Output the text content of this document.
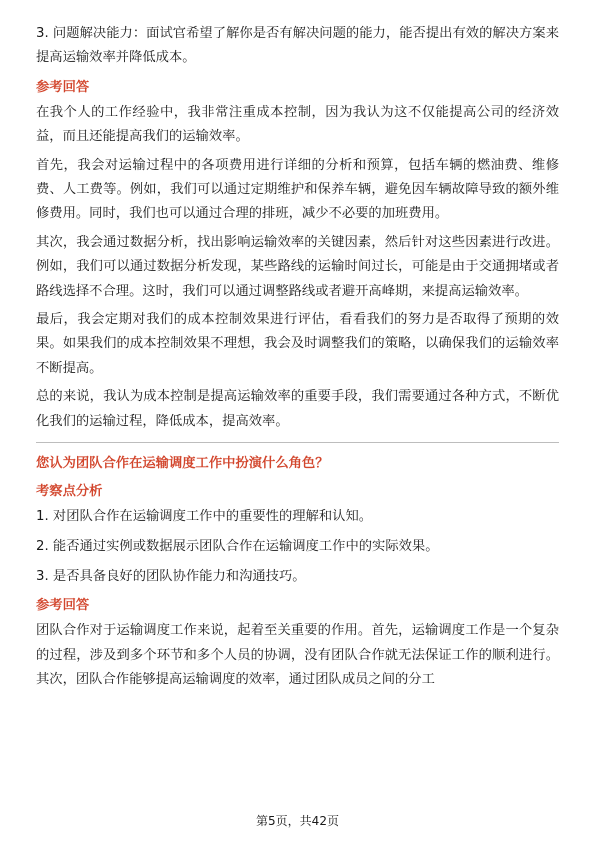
3. 问题解决能力：面试官希望了解你是否有解决问题的能力，能否提出有效的解决方案来提高运输效率并降低成本。

参考回答

在我个人的工作经验中，我非常注重成本控制，因为我认为这不仅能提高公司的经济效益，而且还能提高我们的运输效率。

首先，我会对运输过程中的各项费用进行详细的分析和预算，包括车辆的燃油费、维修费、人工费等。例如，我们可以通过定期维护和保养车辆，避免因车辆故障导致的额外维修费用。同时，我们也可以通过合理的排班，减少不必要的加班费用。

其次，我会通过数据分析，找出影响运输效率的关键因素，然后针对这些因素进行改进。例如，我们可以通过数据分析发现，某些路线的运输时间过长，可能是由于交通拥堵或者路线选择不合理。这时，我们可以通过调整路线或者避开高峰期，来提高运输效率。

最后，我会定期对我们的成本控制效果进行评估，看看我们的努力是否取得了预期的效果。如果我们的成本控制效果不理想，我会及时调整我们的策略，以确保我们的运输效率不断提高。

总的来说，我认为成本控制是提高运输效率的重要手段，我们需要通过各种方式，不断优化我们的运输过程，降低成本，提高效率。

您认为团队合作在运输调度工作中扮演什么角色？
考察点分析
1. 对团队合作在运输调度工作中的重要性的理解和认知。
2. 能否通过实例或数据展示团队合作在运输调度工作中的实际效果。
3. 是否具备良好的团队协作能力和沟通技巧。
参考回答

团队合作对于运输调度工作来说，起着至关重要的作用。首先，运输调度工作是一个复杂的过程，涉及到多个环节和多个人员的协调，没有团队合作就无法保证工作的顺利进行。其次，团队合作能够提高运输调度的效率，通过团队成员之间的分工

第5页，共42页
